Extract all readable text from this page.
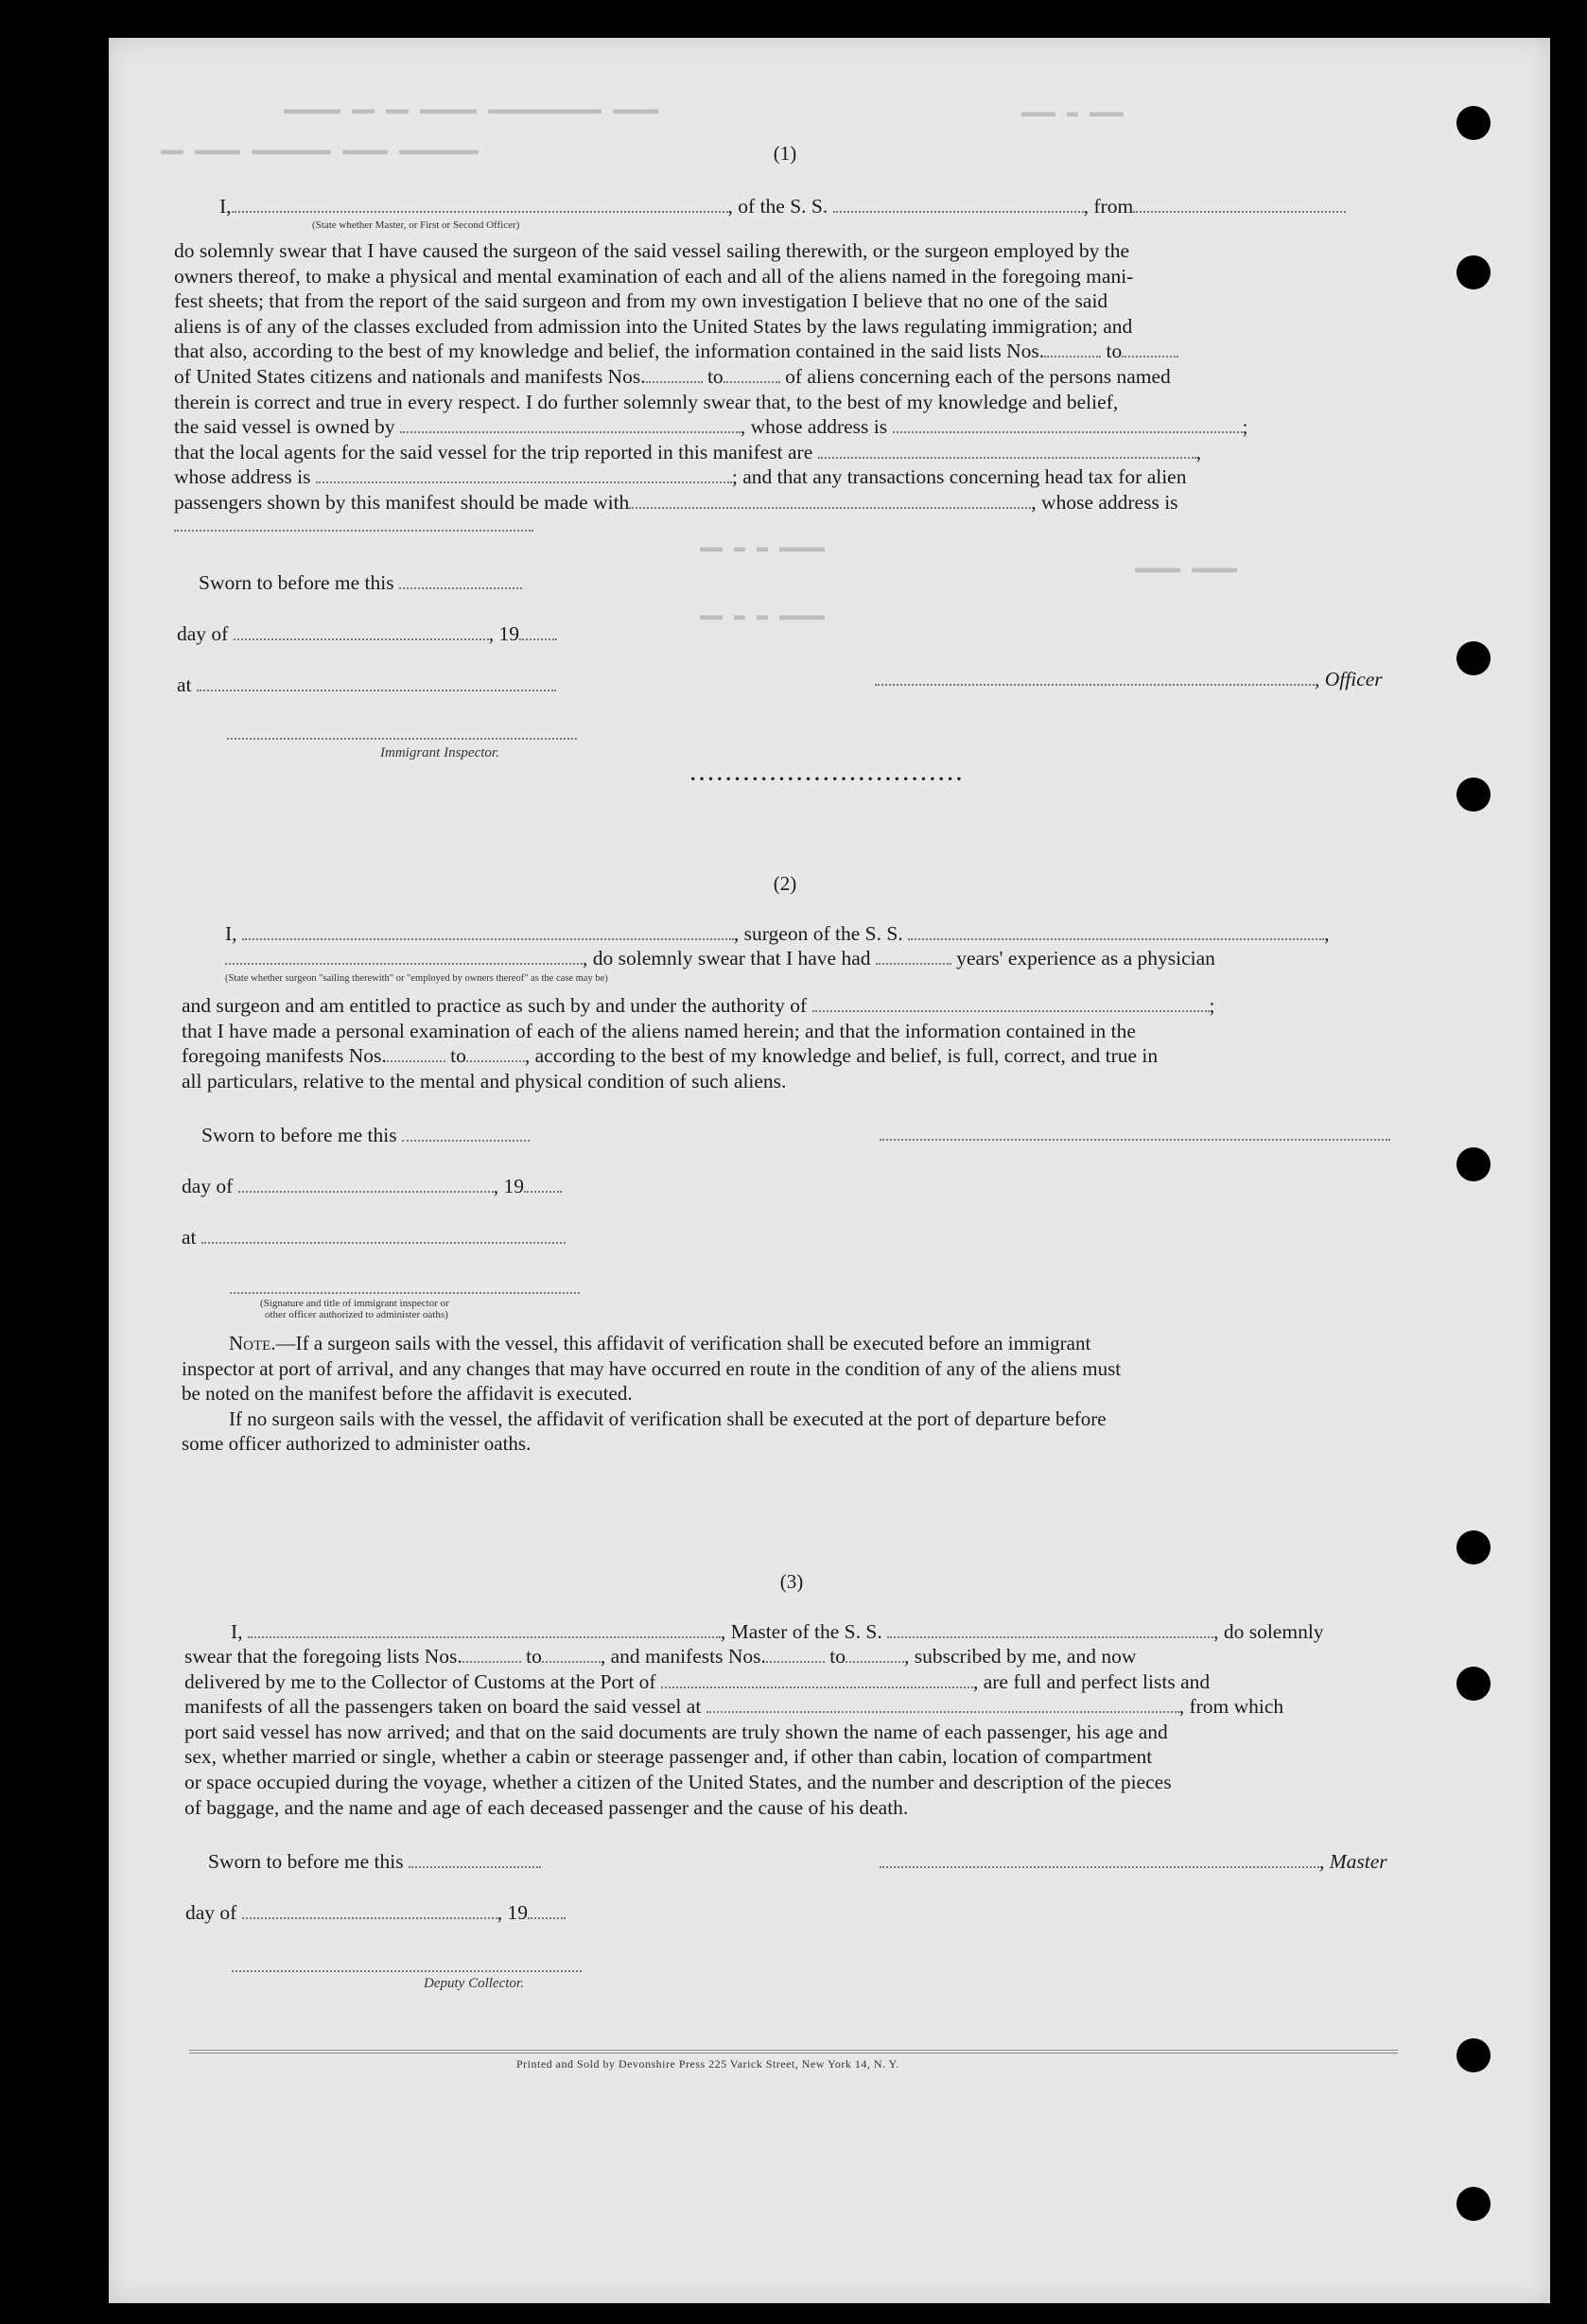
▬▬▬▬▬ ▬▬ ▬▬ ▬▬▬▬▬ ▬▬▬▬▬▬▬▬▬▬ ▬▬▬▬
▬▬ ▬▬▬▬ ▬▬▬▬▬▬▬ ▬▬▬▬ ▬▬▬▬▬▬▬
▬▬▬ ▬ ▬▬▬
▬▬ ▬ ▬ ▬▬▬▬
▬▬ ▬ ▬ ▬▬▬▬
▬▬▬▬ ▬▬▬▬
(1)
I,	, of the S. S.	, from
(State whether Master, or First or Second Officer)
do solemnly swear that I have caused the surgeon of the said vessel sailing therewith, or the surgeon employed by the
owners thereof, to make a physical and mental examination of each and all of the aliens named in the foregoing mani-
fest sheets; that from the report of the said surgeon and from my own investigation I believe that no one of the said
aliens is of any of the classes excluded from admission into the United States by the laws regulating immigration; and
that also, according to the best of my knowledge and belief, the information contained in the said lists Nos.	to
of United States citizens and nationals and manifests Nos.	to	of aliens concerning each of the persons named
therein is correct and true in every respect. I do further solemnly swear that, to the best of my knowledge and belief,
the said vessel is owned by	, whose address is	;
that the local agents for the said vessel for the trip reported in this manifest are	,
whose address is	; and that any transactions concerning head tax for alien
passengers shown by this manifest should be made with	, whose address is
Sworn to before me this
day of	, 19
at	, Officer
Immigrant Inspector.
...............................
(2)
I,	, surgeon of the S. S.	,
, do solemnly swear that I have had	years' experience as a physician
(State whether surgeon "sailing therewith" or "employed by owners thereof" as the case may be)
and surgeon and am entitled to practice as such by and under the authority of	;
that I have made a personal examination of each of the aliens named herein; and that the information contained in the
foregoing manifests Nos.	to	, according to the best of my knowledge and belief, is full, correct, and true in
all particulars, relative to the mental and physical condition of such aliens.
Sworn to before me this
day of	, 19
at
(Signature and title of immigrant inspector or
other officer authorized to administer oaths)
Note.—If a surgeon sails with the vessel, this affidavit of verification shall be executed before an immigrant
inspector at port of arrival, and any changes that may have occurred en route in the condition of any of the aliens must
be noted on the manifest before the affidavit is executed.
If no surgeon sails with the vessel, the affidavit of verification shall be executed at the port of departure before
some officer authorized to administer oaths.
(3)
I,	, Master of the S. S.	, do solemnly
swear that the foregoing lists Nos.	to	, and manifests Nos.	to	, subscribed by me, and now
delivered by me to the Collector of Customs at the Port of	, are full and perfect lists and
manifests of all the passengers taken on board the said vessel at	, from which
port said vessel has now arrived; and that on the said documents are truly shown the name of each passenger, his age and
sex, whether married or single, whether a cabin or steerage passenger and, if other than cabin, location of compartment
or space occupied during the voyage, whether a citizen of the United States, and the number and description of the pieces
of baggage, and the name and age of each deceased passenger and the cause of his death.
Sworn to before me this	, Master
day of	, 19
Deputy Collector.
Printed and Sold by Devonshire Press 225 Varick Street, New York 14, N. Y.
